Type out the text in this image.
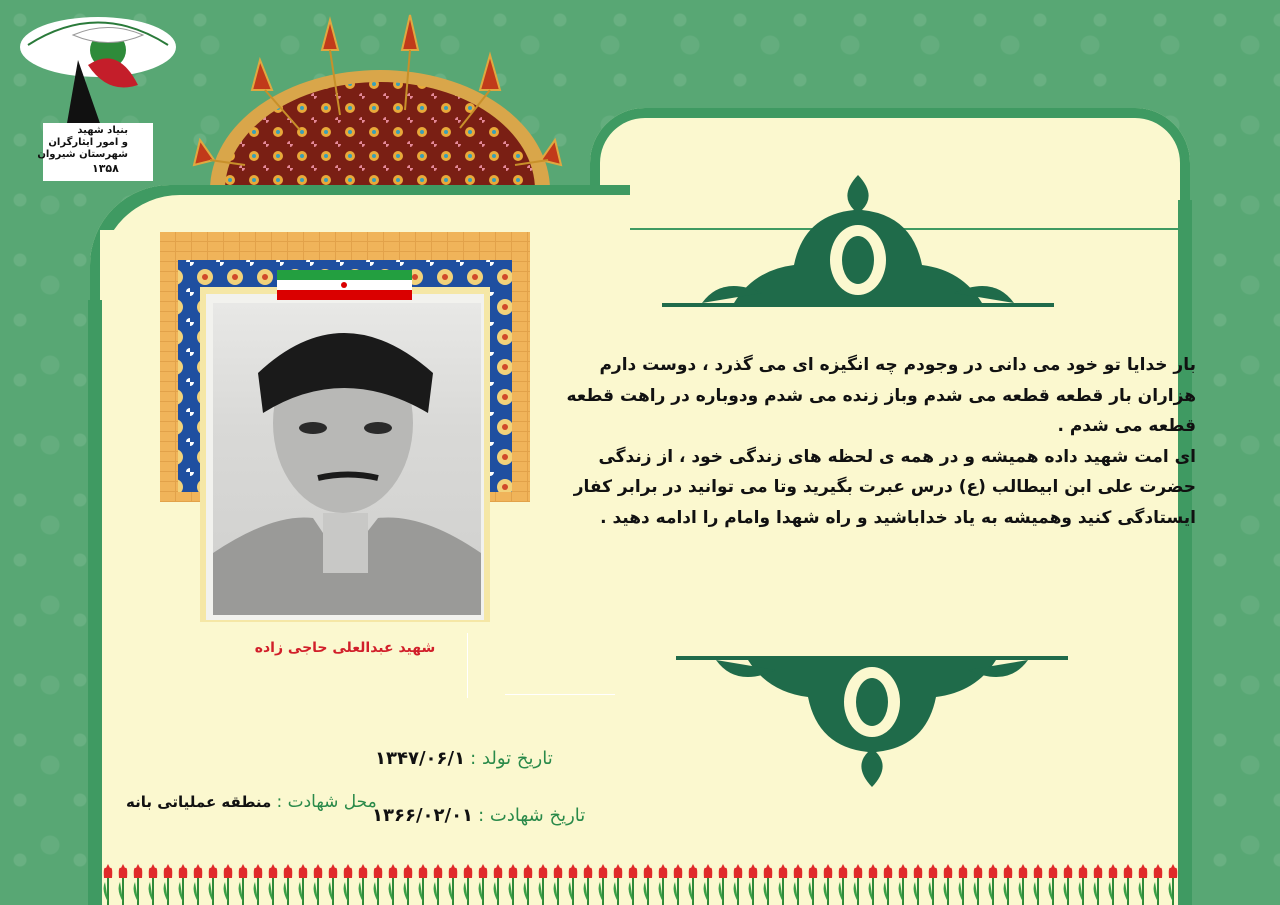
بنیاد شهید
و امور ایثارگران
شهرستان شیروان
۱۳۵۸
شهید عبدالعلی حاجی زاده

بار خدایا تو خود می دانی در وجودم چه انگیزه ای می گذرد ، دوست دارم هزاران بار قطعه قطعه می شدم وباز زنده می شدم ودوباره در راهت قطعه قطعه می شدم .

ای امت شهید داده همیشه و در همه ی لحظه های زندگی خود ، از زندگی حضرت علی ابن ابیطالب (ع) درس عبرت بگیرید وتا می توانید در برابر کفار ایستادگی کنید وهمیشه به یاد خداباشید و راه شهدا وامام را ادامه دهید .

تاریخ تولد : ۱۳۴۷/۰۶/۱
تاریخ شهادت : ۱۳۶۶/۰۲/۰۱
محل شهادت : منطقه عملیاتی بانه
